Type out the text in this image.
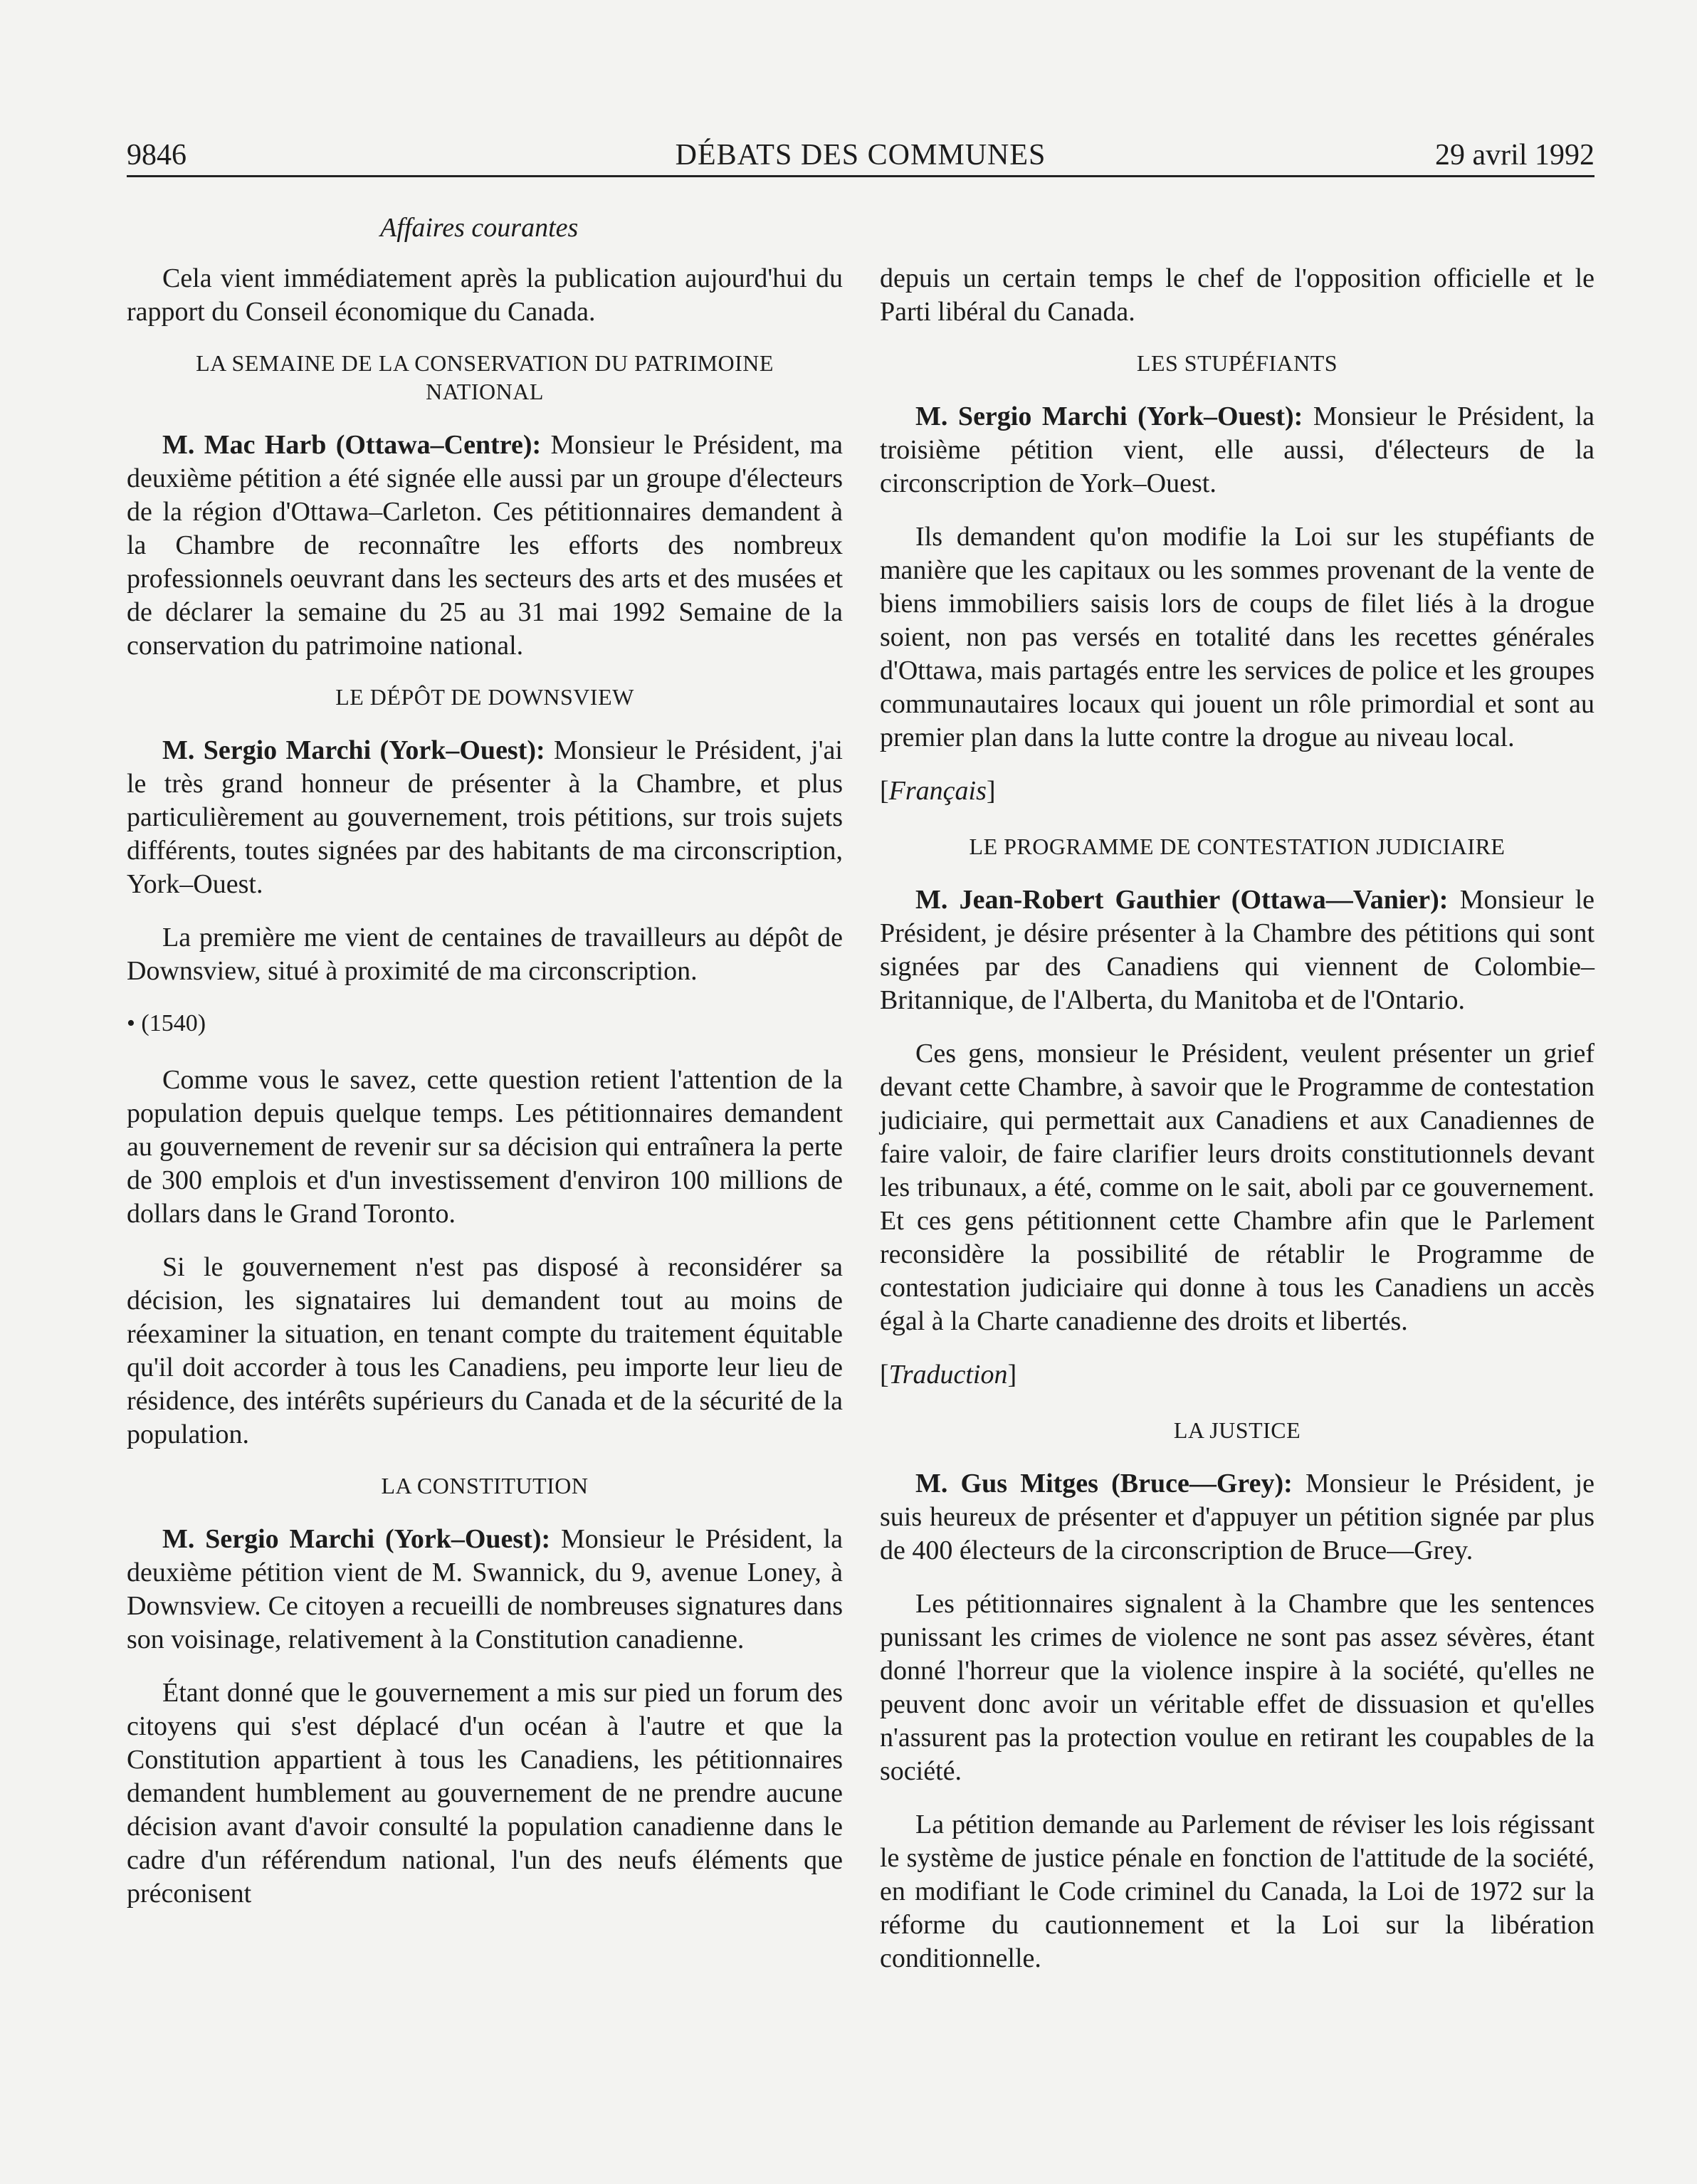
9846	DÉBATS DES COMMUNES	29 avril 1992
Affaires courantes

Cela vient immédiatement après la publication aujourd'hui du rapport du Conseil économique du Canada.

LA SEMAINE DE LA CONSERVATION DU PATRIMOINE NATIONAL

M. Mac Harb (Ottawa–Centre): Monsieur le Président, ma deuxième pétition a été signée elle aussi par un groupe d'électeurs de la région d'Ottawa–Carleton. Ces pétitionnaires demandent à la Chambre de reconnaître les efforts des nombreux professionnels oeuvrant dans les secteurs des arts et des musées et de déclarer la semaine du 25 au 31 mai 1992 Semaine de la conservation du patrimoine national.

LE DÉPÔT DE DOWNSVIEW

M. Sergio Marchi (York–Ouest): Monsieur le Président, j'ai le très grand honneur de présenter à la Chambre, et plus particulièrement au gouvernement, trois pétitions, sur trois sujets différents, toutes signées par des habitants de ma circonscription, York–Ouest.

La première me vient de centaines de travailleurs au dépôt de Downsview, situé à proximité de ma circonscription.

• (1540)

Comme vous le savez, cette question retient l'attention de la population depuis quelque temps. Les pétitionnaires demandent au gouvernement de revenir sur sa décision qui entraînera la perte de 300 emplois et d'un investissement d'environ 100 millions de dollars dans le Grand Toronto.

Si le gouvernement n'est pas disposé à reconsidérer sa décision, les signataires lui demandent tout au moins de réexaminer la situation, en tenant compte du traitement équitable qu'il doit accorder à tous les Canadiens, peu importe leur lieu de résidence, des intérêts supérieurs du Canada et de la sécurité de la population.

LA CONSTITUTION

M. Sergio Marchi (York–Ouest): Monsieur le Président, la deuxième pétition vient de M. Swannick, du 9, avenue Loney, à Downsview. Ce citoyen a recueilli de nombreuses signatures dans son voisinage, relativement à la Constitution canadienne.

Étant donné que le gouvernement a mis sur pied un forum des citoyens qui s'est déplacé d'un océan à l'autre et que la Constitution appartient à tous les Canadiens, les pétitionnaires demandent humblement au gouvernement de ne prendre aucune décision avant d'avoir consulté la population canadienne dans le cadre d'un référendum national, l'un des neufs éléments que préconisent

depuis un certain temps le chef de l'opposition officielle et le Parti libéral du Canada.

LES STUPÉFIANTS

M. Sergio Marchi (York–Ouest): Monsieur le Président, la troisième pétition vient, elle aussi, d'électeurs de la circonscription de York–Ouest.

Ils demandent qu'on modifie la Loi sur les stupéfiants de manière que les capitaux ou les sommes provenant de la vente de biens immobiliers saisis lors de coups de filet liés à la drogue soient, non pas versés en totalité dans les recettes générales d'Ottawa, mais partagés entre les services de police et les groupes communautaires locaux qui jouent un rôle primordial et sont au premier plan dans la lutte contre la drogue au niveau local.

[Français]
LE PROGRAMME DE CONTESTATION JUDICIAIRE

M. Jean-Robert Gauthier (Ottawa—Vanier): Monsieur le Président, je désire présenter à la Chambre des pétitions qui sont signées par des Canadiens qui viennent de Colombie–Britannique, de l'Alberta, du Manitoba et de l'Ontario.

Ces gens, monsieur le Président, veulent présenter un grief devant cette Chambre, à savoir que le Programme de contestation judiciaire, qui permettait aux Canadiens et aux Canadiennes de faire valoir, de faire clarifier leurs droits constitutionnels devant les tribunaux, a été, comme on le sait, aboli par ce gouvernement. Et ces gens pétitionnent cette Chambre afin que le Parlement reconsidère la possibilité de rétablir le Programme de contestation judiciaire qui donne à tous les Canadiens un accès égal à la Charte canadienne des droits et libertés.

[Traduction]
LA JUSTICE

M. Gus Mitges (Bruce—Grey): Monsieur le Président, je suis heureux de présenter et d'appuyer un pétition signée par plus de 400 électeurs de la circonscription de Bruce—Grey.

Les pétitionnaires signalent à la Chambre que les sentences punissant les crimes de violence ne sont pas assez sévères, étant donné l'horreur que la violence inspire à la société, qu'elles ne peuvent donc avoir un véritable effet de dissuasion et qu'elles n'assurent pas la protection voulue en retirant les coupables de la société.

La pétition demande au Parlement de réviser les lois régissant le système de justice pénale en fonction de l'attitude de la société, en modifiant le Code criminel du Canada, la Loi de 1972 sur la réforme du cautionnement et la Loi sur la libération conditionnelle.
